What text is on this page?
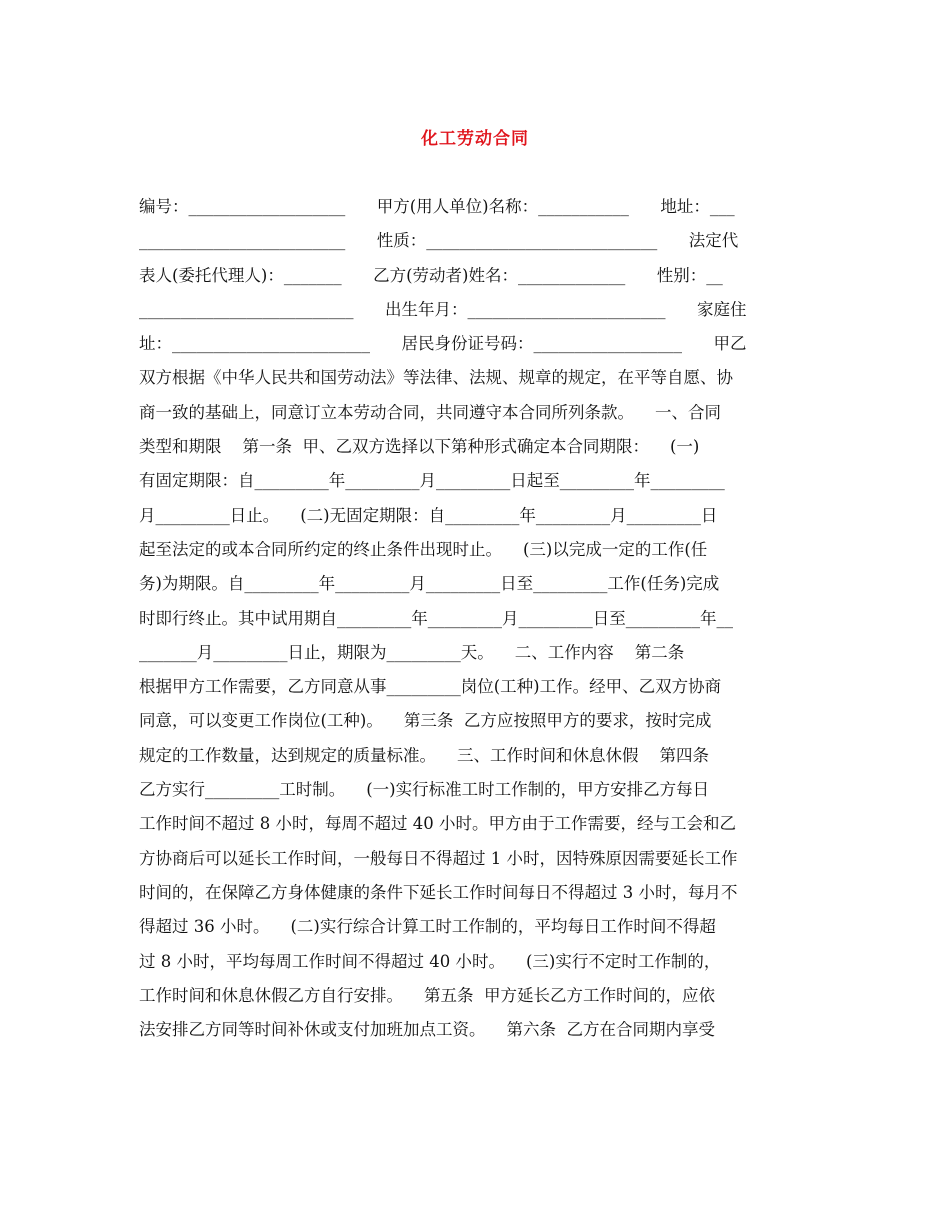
化工劳动合同
编号：___________________      甲方(用人单位)名称：___________      地址：___
_________________________      性质：____________________________      法定代
表人(委托代理人)：_______      乙方(劳动者)姓名：_____________      性别：__
__________________________      出生年月：________________________      家庭住
址：________________________      居民身份证号码：__________________      甲乙
双方根据《中华人民共和国劳动法》等法律、法规、规章的规定，在平等自愿、协
商一致的基础上，同意订立本劳动合同，共同遵守本合同所列条款。    一、合同
类型和期限    第一条  甲、乙双方选择以下第种形式确定本合同期限：    (一)
有固定期限：自_________年_________月_________日起至_________年_________
月_________日止。    (二)无固定期限：自_________年_________月_________日
起至法定的或本合同所约定的终止条件出现时止。    (三)以完成一定的工作(任
务)为期限。自_________年_________月_________日至_________工作(任务)完成
时即行终止。其中试用期自_________年_________月_________日至_________年__
_______月_________日止，期限为_________天。    二、工作内容    第二条
根据甲方工作需要，乙方同意从事_________岗位(工种)工作。经甲、乙双方协商
同意，可以变更工作岗位(工种)。    第三条  乙方应按照甲方的要求，按时完成
规定的工作数量，达到规定的质量标准。    三、工作时间和休息休假    第四条
乙方实行_________工时制。    (一)实行标准工时工作制的，甲方安排乙方每日
工作时间不超过 8 小时，每周不超过 40 小时。甲方由于工作需要，经与工会和乙
方协商后可以延长工作时间，一般每日不得超过 1 小时，因特殊原因需要延长工作
时间的，在保障乙方身体健康的条件下延长工作时间每日不得超过 3 小时，每月不
得超过 36 小时。    (二)实行综合计算工时工作制的，平均每日工作时间不得超
过 8 小时，平均每周工作时间不得超过 40 小时。    (三)实行不定时工作制的，
工作时间和休息休假乙方自行安排。    第五条  甲方延长乙方工作时间的，应依
法安排乙方同等时间补休或支付加班加点工资。    第六条  乙方在合同期内享受
